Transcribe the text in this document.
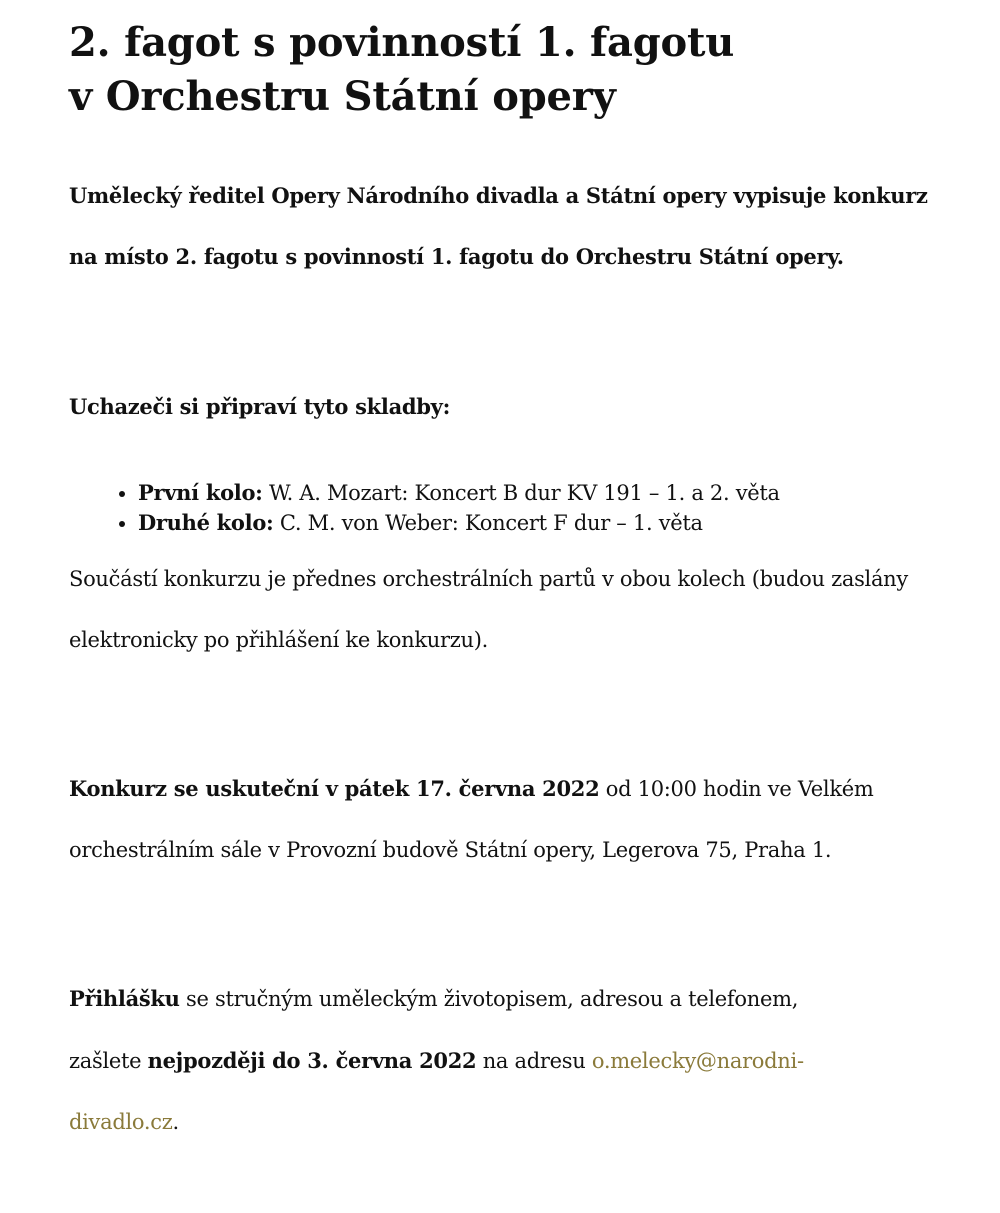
2. fagot s povinností 1. fagotu
v Orchestru Státní opery

Umělecký ředitel Opery Národního divadla a Státní opery vypisuje konkurz na místo 2. fagotu s povinností 1. fagotu do Orchestru Státní opery.

Uchazeči si připraví tyto skladby:

• První kolo: W. A. Mozart: Koncert B dur KV 191 – 1. a 2. věta
• Druhé kolo: C. M. von Weber: Koncert F dur – 1. věta

Součástí konkurzu je přednes orchestrálních partů v obou kolech (budou zaslány elektronicky po přihlášení ke konkurzu).

Konkurz se uskuteční v pátek 17. června 2022 od 10:00 hodin ve Velkém orchestrálním sále v Provozní budově Státní opery, Legerova 75, Praha 1.

Přihlášku se stručným uměleckým životopisem, adresou a telefonem, zašlete nejpozději do 3. června 2022 na adresu o.melecky@narodni-divadlo.cz.
